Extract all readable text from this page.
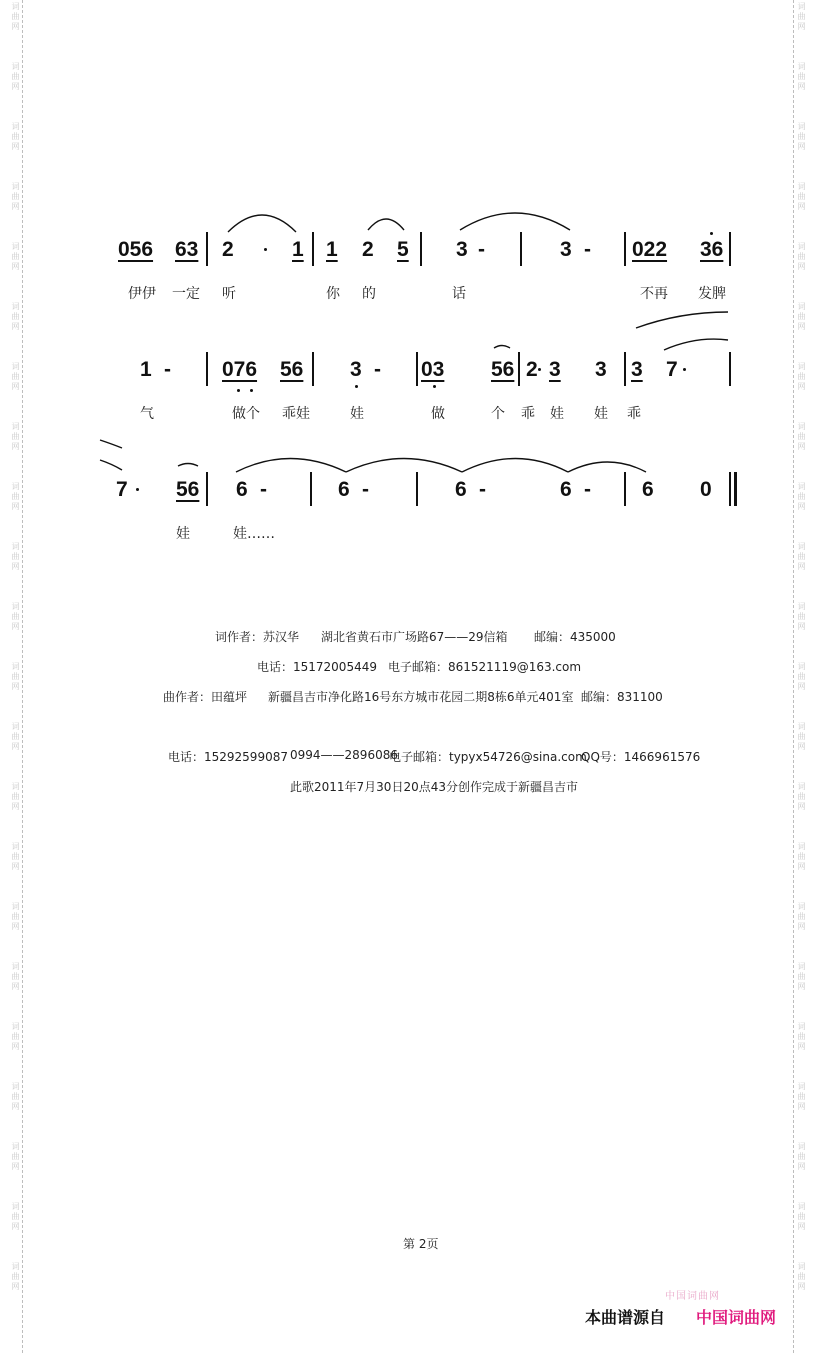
词曲网
词曲网
词曲网
词曲网
词曲网
词曲网
词曲网
词曲网
词曲网
词曲网
词曲网
词曲网
词曲网
词曲网
词曲网
词曲网
词曲网
词曲网
词曲网
词曲网
词曲网
词曲网
词曲网
词曲网
词曲网
词曲网
词曲网
词曲网
词曲网
词曲网
词曲网
词曲网
词曲网
词曲网
词曲网
词曲网
词曲网
词曲网
词曲网
词曲网
词曲网
词曲网
词曲网
词曲网
056 63 2	1 1 2 5 3 -	3 - 022 36
伊伊 一定 听	你 的	话	不再 发脾
1 - 076 56 3 - 03 56 2 3 3 3 7
气	做个 乖娃	娃	做	个 乖 娃 娃 乖
7 56 6 -	6 -	6 -	6 - 6 0
娃	娃……
词作者：苏汉华 湖北省黄石市广场路67——29信箱 邮编：435000
电话：15172005449 电子邮箱：861521119@163.com
曲作者：田蕴坪 新疆昌吉市净化路16号东方城市花园二期8栋6单元401室 邮编：831100
电话：15292599087 0994——2896086
电子邮箱：typyx54726@sina.com
QQ号：1466961576
此歌2011年7月30日20点43分创作完成于新疆昌吉市
第 2页
中国词曲网
本曲谱源自 中国词曲网
